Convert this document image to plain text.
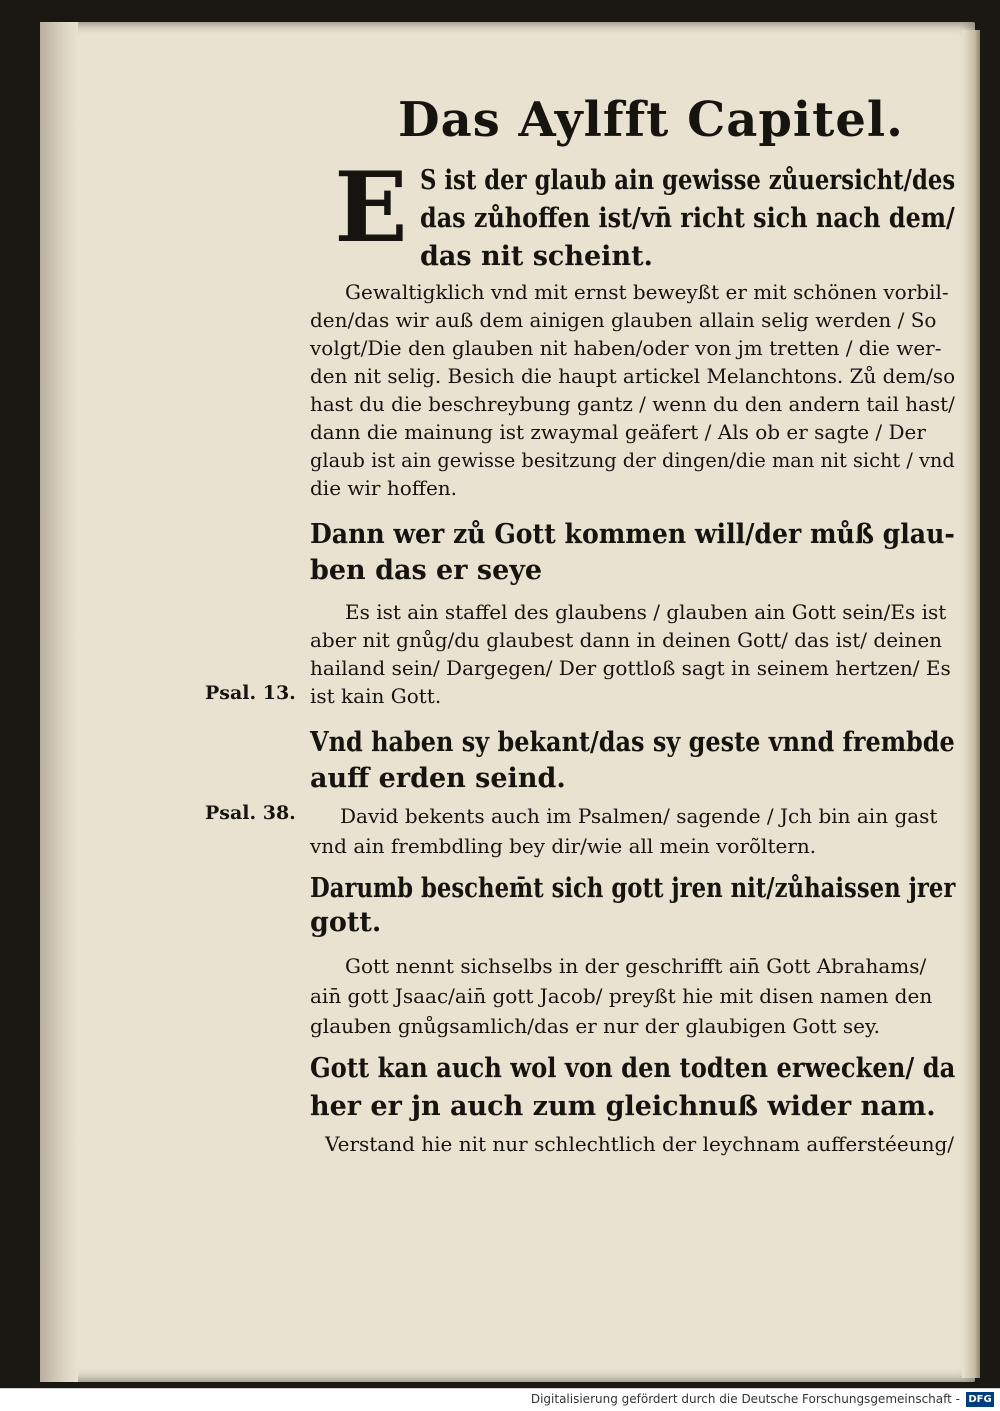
Das Aylfft Capitel.
E S ist der glaub ain gewisse zůuersicht/des
das zůhoffen ist/vn̄ richt sich nach dem/
das nit scheint.
Gewaltigklich vnd mit ernst beweyßt er mit schönen vorbil-
den/das wir auß dem ainigen glauben allain selig werden / So
volgt/Die den glauben nit haben/oder von jm tretten / die wer-
den nit selig. Besich die haupt artickel Melanchtons. Zů dem/so
hast du die beschreybung gantz / wenn du den andern tail hast/
dann die mainung ist zwaymal geäfert / Als ob er sagte / Der
glaub ist ain gewisse besitzung der dingen/die man nit sicht / vnd
die wir hoffen.
Dann wer zů Gott kommen will/der můß glau-
ben das er seye
Es ist ain staffel des glaubens / glauben ain Gott sein/Es ist
aber nit gnůg/du glaubest dann in deinen Gott/ das ist/ deinen
hailand sein/ Dargegen/ Der gottloß sagt in seinem hertzen/ Es
ist kain Gott.
Psal. 13.
Vnd haben sy bekant/das sy geste vnnd frembde
auff erden seind.
Psal. 38. David bekents auch im Psalmen/ sagende / Jch bin ain gast
vnd ain frembdling bey dir/wie all mein vorõltern.
Darumb beschem̄t sich gott jren nit/zůhaissen jrer
gott.
Gott nennt sichselbs in der geschrifft ain̄ Gott Abrahams/
ain̄ gott Jsaac/ain̄ gott Jacob/ preyßt hie mit disen namen den
glauben gnůgsamlich/das er nur der glaubigen Gott sey.
Gott kan auch wol von den todten erwecken/ da
her er jn auch zum gleichnuß wider nam.
Verstand hie nit nur schlechtlich der leychnam aufferstéeung/
Digitalisierung gefördert durch die Deutsche Forschungsgemeinschaft - DFG
